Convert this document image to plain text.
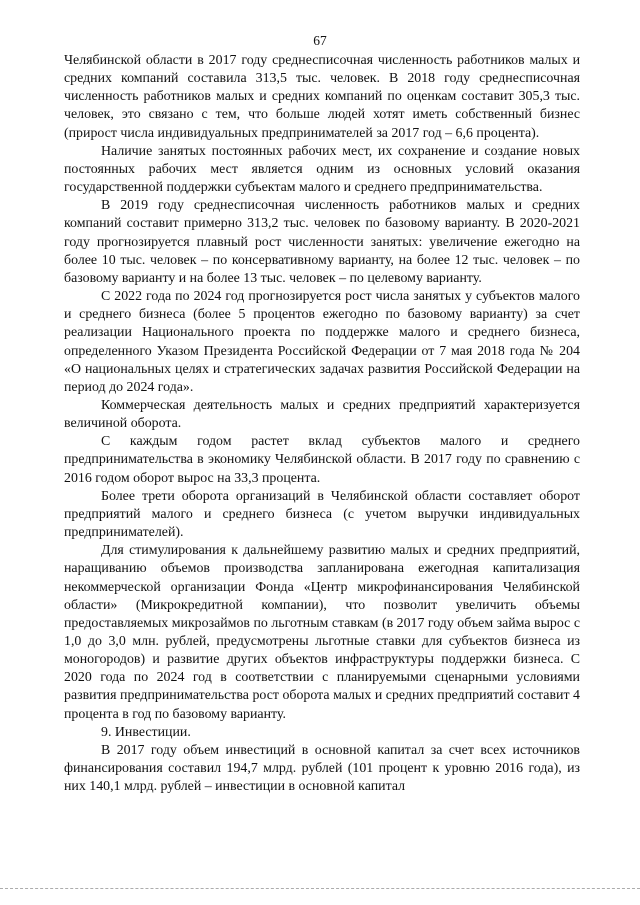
67

Челябинской области в 2017 году среднесписочная численность работников малых и средних компаний составила 313,5 тыс. человек. В 2018 году среднесписочная численность работников малых и средних компаний по оценкам составит 305,3 тыс. человек, это связано с тем, что больше людей хотят иметь собственный бизнес (прирост числа индивидуальных предпринимателей за 2017 год – 6,6 процента).

Наличие занятых постоянных рабочих мест, их сохранение и создание новых постоянных рабочих мест является одним из основных условий оказания государственной поддержки субъектам малого и среднего предпринимательства.

В 2019 году среднесписочная численность работников малых и средних компаний составит примерно 313,2 тыс. человек по базовому варианту. В 2020-2021 году прогнозируется плавный рост численности занятых: увеличение ежегодно на более 10 тыс. человек – по консервативному варианту, на более 12 тыс. человек – по базовому варианту и на более 13 тыс. человек – по целевому варианту.

С 2022 года по 2024 год прогнозируется рост числа занятых у субъектов малого и среднего бизнеса (более 5 процентов ежегодно по базовому варианту) за счет реализации Национального проекта по поддержке малого и среднего бизнеса, определенного Указом Президента Российской Федерации от 7 мая 2018 года № 204 «О национальных целях и стратегических задачах развития Российской Федерации на период до 2024 года».

Коммерческая деятельность малых и средних предприятий характеризуется величиной оборота.

С каждым годом растет вклад субъектов малого и среднего предпринимательства в экономику Челябинской области. В 2017 году по сравнению с 2016 годом оборот вырос на 33,3 процента.

Более трети оборота организаций в Челябинской области составляет оборот предприятий малого и среднего бизнеса (с учетом выручки индивидуальных предпринимателей).

Для стимулирования к дальнейшему развитию малых и средних предприятий, наращиванию объемов производства запланирована ежегодная капитализация некоммерческой организации Фонда «Центр микрофинансирования Челябинской области» (Микрокредитной компании), что позволит увеличить объемы предоставляемых микрозаймов по льготным ставкам (в 2017 году объем займа вырос с 1,0 до 3,0 млн. рублей, предусмотрены льготные ставки для субъектов бизнеса из моногородов) и развитие других объектов инфраструктуры поддержки бизнеса. С 2020 года по 2024 год в соответствии с планируемыми сценарными условиями развития предпринимательства рост оборота малых и средних предприятий составит 4 процента в год по базовому варианту.

9. Инвестиции.

В 2017 году объем инвестиций в основной капитал за счет всех источников финансирования составил 194,7 млрд. рублей (101 процент к уровню 2016 года), из них 140,1 млрд. рублей – инвестиции в основной капитал
